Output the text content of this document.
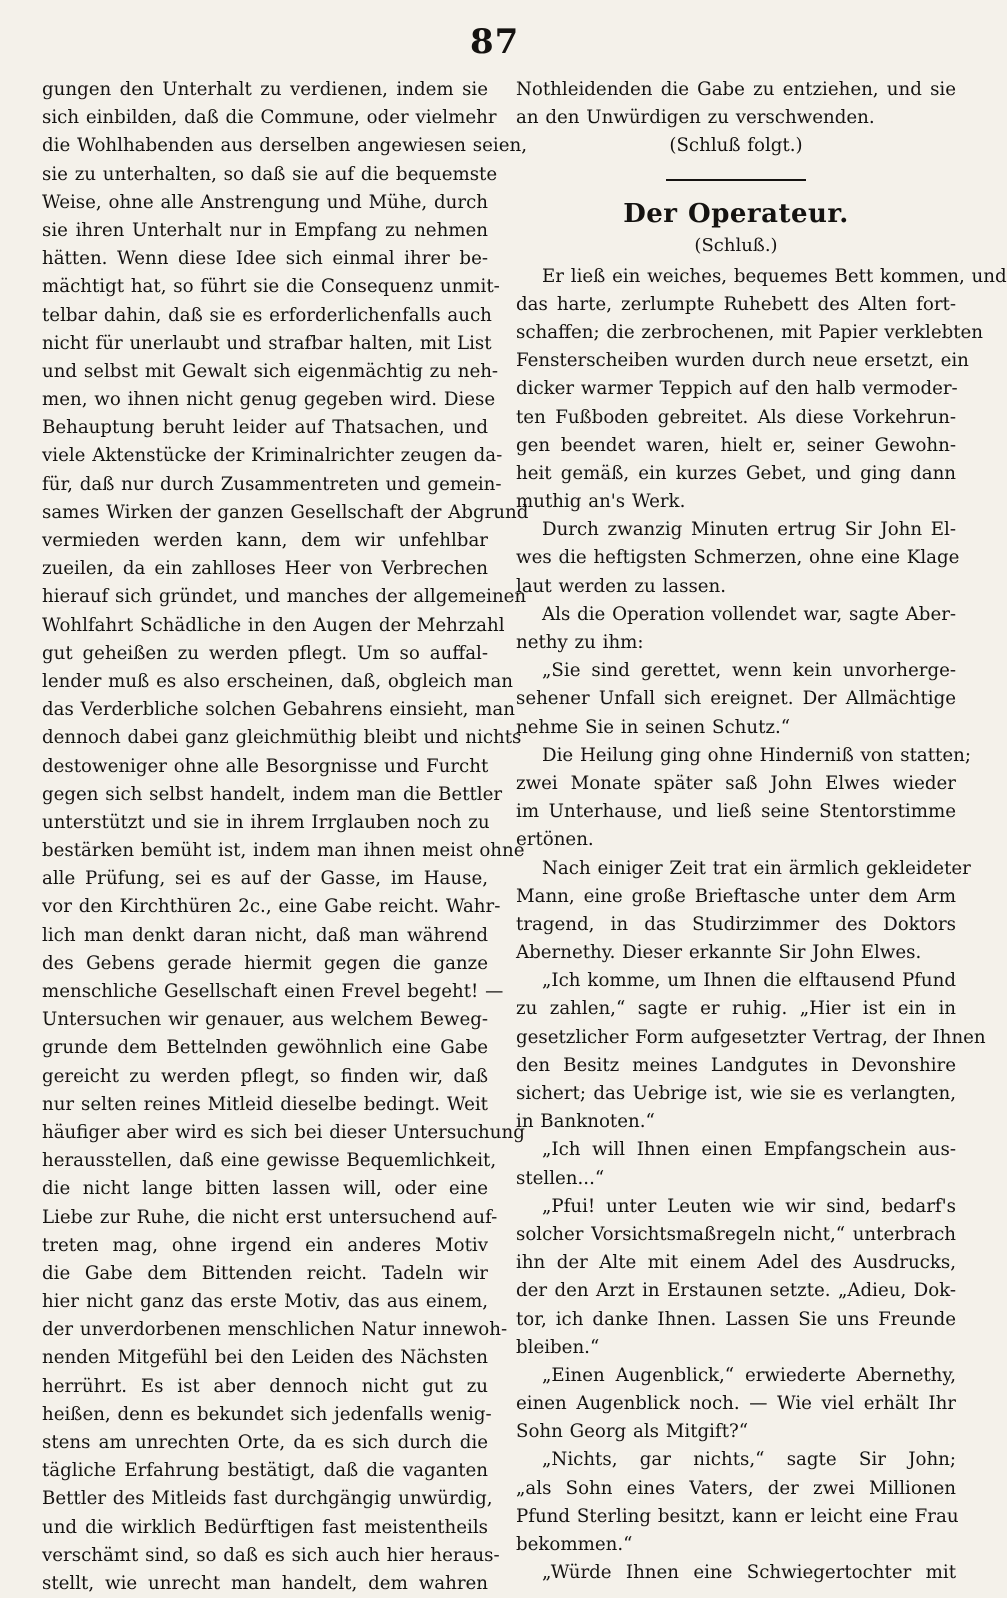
87
gungen den Unterhalt zu verdienen, indem sie
sich einbilden, daß die Commune, oder vielmehr
die Wohlhabenden aus derselben angewiesen seien,
sie zu unterhalten, so daß sie auf die bequemste
Weise, ohne alle Anstrengung und Mühe, durch
sie ihren Unterhalt nur in Empfang zu nehmen
hätten. Wenn diese Idee sich einmal ihrer be-
mächtigt hat, so führt sie die Consequenz unmit-
telbar dahin, daß sie es erforderlichenfalls auch
nicht für unerlaubt und strafbar halten, mit List
und selbst mit Gewalt sich eigenmächtig zu neh-
men, wo ihnen nicht genug gegeben wird. Diese
Behauptung beruht leider auf Thatsachen, und
viele Aktenstücke der Kriminalrichter zeugen da-
für, daß nur durch Zusammentreten und gemein-
sames Wirken der ganzen Gesellschaft der Abgrund
vermieden werden kann, dem wir unfehlbar
zueilen, da ein zahlloses Heer von Verbrechen
hierauf sich gründet, und manches der allgemeinen
Wohlfahrt Schädliche in den Augen der Mehrzahl
gut geheißen zu werden pflegt. Um so auffal-
lender muß es also erscheinen, daß, obgleich man
das Verderbliche solchen Gebahrens einsieht, man
dennoch dabei ganz gleichmüthig bleibt und nichts
destoweniger ohne alle Besorgnisse und Furcht
gegen sich selbst handelt, indem man die Bettler
unterstützt und sie in ihrem Irrglauben noch zu
bestärken bemüht ist, indem man ihnen meist ohne
alle Prüfung, sei es auf der Gasse, im Hause,
vor den Kirchthüren 2c., eine Gabe reicht. Wahr-
lich man denkt daran nicht, daß man während
des Gebens gerade hiermit gegen die ganze
menschliche Gesellschaft einen Frevel begeht! —
Untersuchen wir genauer, aus welchem Beweg-
grunde dem Bettelnden gewöhnlich eine Gabe
gereicht zu werden pflegt, so finden wir, daß
nur selten reines Mitleid dieselbe bedingt. Weit
häufiger aber wird es sich bei dieser Untersuchung
herausstellen, daß eine gewisse Bequemlichkeit,
die nicht lange bitten lassen will, oder eine
Liebe zur Ruhe, die nicht erst untersuchend auf-
treten mag, ohne irgend ein anderes Motiv
die Gabe dem Bittenden reicht. Tadeln wir
hier nicht ganz das erste Motiv, das aus einem,
der unverdorbenen menschlichen Natur innewoh-
nenden Mitgefühl bei den Leiden des Nächsten
herrührt. Es ist aber dennoch nicht gut zu
heißen, denn es bekundet sich jedenfalls wenig-
stens am unrechten Orte, da es sich durch die
tägliche Erfahrung bestätigt, daß die vaganten
Bettler des Mitleids fast durchgängig unwürdig,
und die wirklich Bedürftigen fast meistentheils
verschämt sind, so daß es sich auch hier heraus-
stellt, wie unrecht man handelt, dem wahren
Nothleidenden die Gabe zu entziehen, und sie
an den Unwürdigen zu verschwenden.
(Schluß folgt.)
Der Operateur.
(Schluß.)
Er ließ ein weiches, bequemes Bett kommen, und
das harte, zerlumpte Ruhebett des Alten fort-
schaffen; die zerbrochenen, mit Papier verklebten
Fensterscheiben wurden durch neue ersetzt, ein
dicker warmer Teppich auf den halb vermoder-
ten Fußboden gebreitet. Als diese Vorkehrun-
gen beendet waren, hielt er, seiner Gewohn-
heit gemäß, ein kurzes Gebet, und ging dann
muthig an's Werk.
Durch zwanzig Minuten ertrug Sir John El-
wes die heftigsten Schmerzen, ohne eine Klage
laut werden zu lassen.
Als die Operation vollendet war, sagte Aber-
nethy zu ihm:
„Sie sind gerettet, wenn kein unvorherge-
sehener Unfall sich ereignet. Der Allmächtige
nehme Sie in seinen Schutz.“
Die Heilung ging ohne Hinderniß von statten;
zwei Monate später saß John Elwes wieder
im Unterhause, und ließ seine Stentorstimme
ertönen.
Nach einiger Zeit trat ein ärmlich gekleideter
Mann, eine große Brieftasche unter dem Arm
tragend, in das Studirzimmer des Doktors
Abernethy. Dieser erkannte Sir John Elwes.
„Ich komme, um Ihnen die elftausend Pfund
zu zahlen,“ sagte er ruhig. „Hier ist ein in
gesetzlicher Form aufgesetzter Vertrag, der Ihnen
den Besitz meines Landgutes in Devonshire
sichert; das Uebrige ist, wie sie es verlangten,
in Banknoten.“
„Ich will Ihnen einen Empfangschein aus-
stellen...“
„Pfui! unter Leuten wie wir sind, bedarf's
solcher Vorsichtsmaßregeln nicht,“ unterbrach
ihn der Alte mit einem Adel des Ausdrucks,
der den Arzt in Erstaunen setzte. „Adieu, Dok-
tor, ich danke Ihnen. Lassen Sie uns Freunde
bleiben.“
„Einen Augenblick,“ erwiederte Abernethy,
einen Augenblick noch. — Wie viel erhält Ihr
Sohn Georg als Mitgift?“
„Nichts, gar nichts,“ sagte Sir John;
„als Sohn eines Vaters, der zwei Millionen
Pfund Sterling besitzt, kann er leicht eine Frau
bekommen.“
„Würde Ihnen eine Schwiegertochter mit
